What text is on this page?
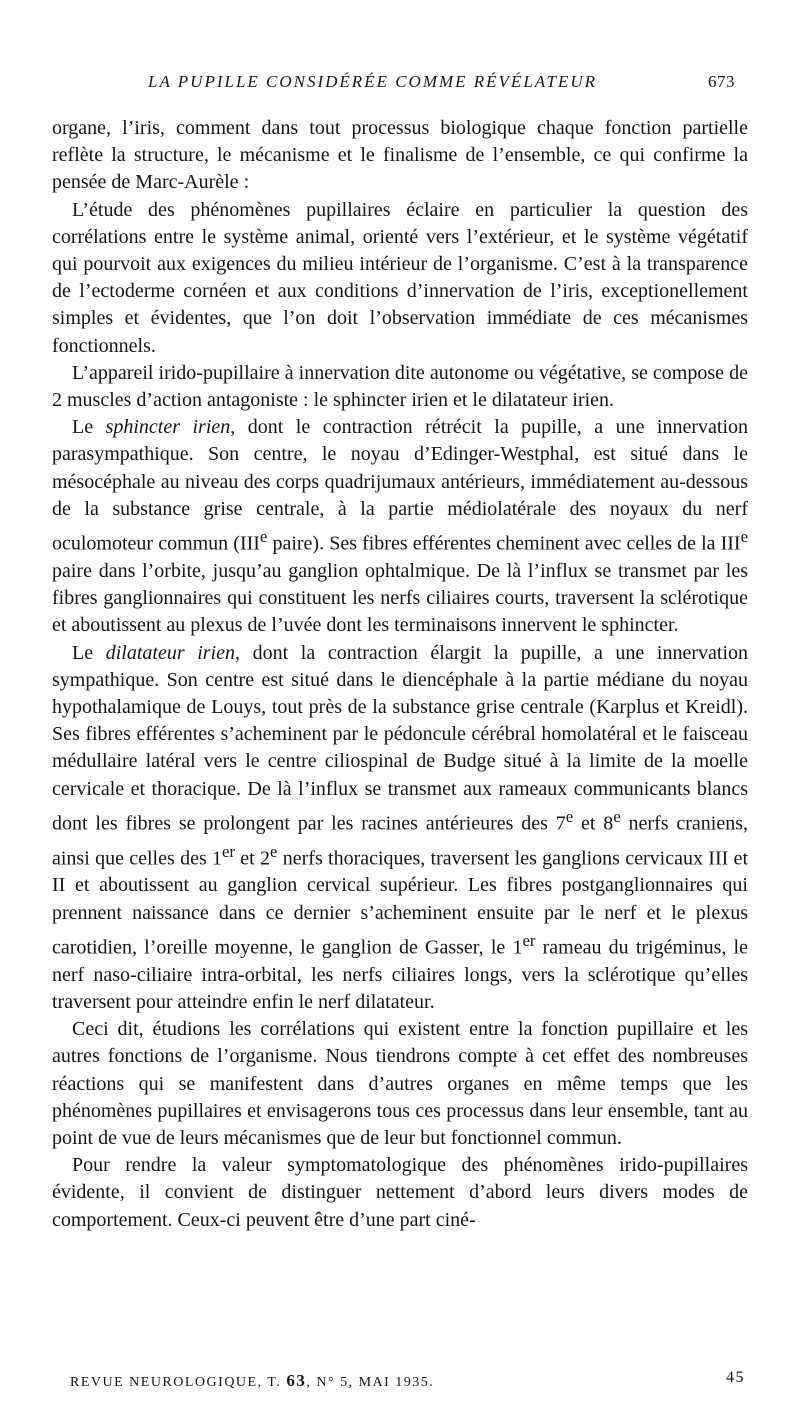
LA PUPILLE CONSIDÉRÉE COMME RÉVÉLATEUR	673

organe, l’iris, comment dans tout processus biologique chaque fonction partielle reflète la structure, le mécanisme et le finalisme de l’ensemble, ce qui confirme la pensée de Marc-Aurèle :

L’étude des phénomènes pupillaires éclaire en particulier la question des corrélations entre le système animal, orienté vers l’extérieur, et le système végétatif qui pourvoit aux exigences du milieu intérieur de l’organisme. C’est à la transparence de l’ectoderme cornéen et aux conditions d’innervation de l’iris, exceptionellement simples et évidentes, que l’on doit l’observation immédiate de ces mécanismes fonctionnels.

L’appareil irido-pupillaire à innervation dite autonome ou végétative, se compose de 2 muscles d’action antagoniste : le sphincter irien et le dilatateur irien.

Le sphincter irien, dont le contraction rétrécit la pupille, a une innervation parasympathique. Son centre, le noyau d’Edinger-Westphal, est situé dans le mésocéphale au niveau des corps quadrijumaux antérieurs, immédiatement au-dessous de la substance grise centrale, à la partie médiolatérale des noyaux du nerf oculomoteur commun (IIIe paire). Ses fibres efférentes cheminent avec celles de la IIIe paire dans l’orbite, jusqu’au ganglion ophtalmique. De là l’influx se transmet par les fibres ganglionnaires qui constituent les nerfs ciliaires courts, traversent la sclérotique et aboutissent au plexus de l’uvée dont les terminaisons innervent le sphincter.

Le dilatateur irien, dont la contraction élargit la pupille, a une innervation sympathique. Son centre est situé dans le diencéphale à la partie médiane du noyau hypothalamique de Louys, tout près de la substance grise centrale (Karplus et Kreidl). Ses fibres efférentes s’acheminent par le pédoncule cérébral homolatéral et le faisceau médullaire latéral vers le centre ciliospinal de Budge situé à la limite de la moelle cervicale et thoracique. De là l’influx se transmet aux rameaux communicants blancs dont les fibres se prolongent par les racines antérieures des 7e et 8e nerfs craniens, ainsi que celles des 1er et 2e nerfs thoraciques, traversent les ganglions cervicaux III et II et aboutissent au ganglion cervical supérieur. Les fibres postganglionnaires qui prennent naissance dans ce dernier s’acheminent ensuite par le nerf et le plexus carotidien, l’oreille moyenne, le ganglion de Gasser, le 1er rameau du trigéminus, le nerf naso-ciliaire intra-orbital, les nerfs ciliaires longs, vers la sclérotique qu’elles traversent pour atteindre enfin le nerf dilatateur.

Ceci dit, étudions les corrélations qui existent entre la fonction pupillaire et les autres fonctions de l’organisme. Nous tiendrons compte à cet effet des nombreuses réactions qui se manifestent dans d’autres organes en même temps que les phénomènes pupillaires et envisagerons tous ces processus dans leur ensemble, tant au point de vue de leurs mécanismes que de leur but fonctionnel commun.

Pour rendre la valeur symptomatologique des phénomènes irido-pupillaires évidente, il convient de distinguer nettement d’abord leurs divers modes de comportement. Ceux-ci peuvent être d’une part ciné-

REVUE NEUROLOGIQUE, T. 63, N° 5, MAI 1935.	45
